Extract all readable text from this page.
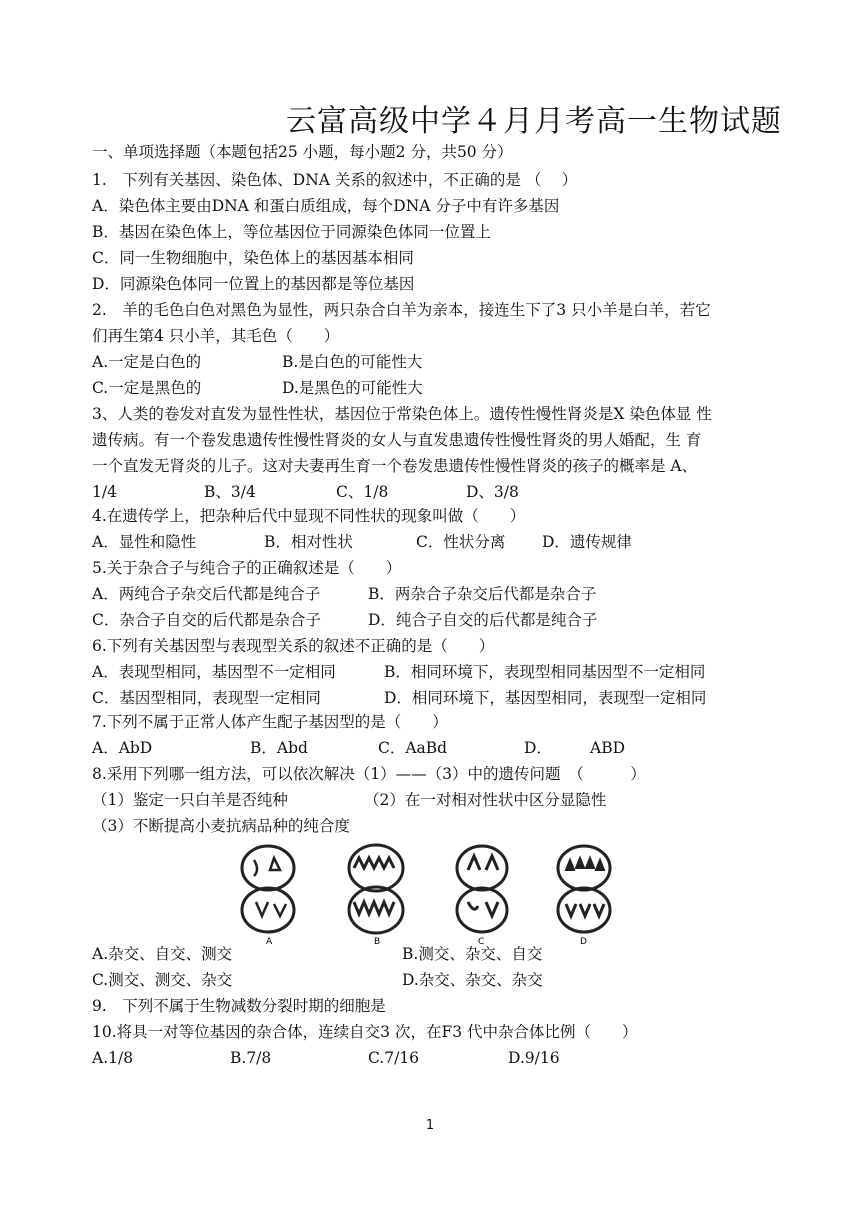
云富高级中学４月月考高一生物试题
一、单项选择题（本题包括25 小题，每小题2 分，共50 分）
1.　下列有关基因、染色体、DNA 关系的叙述中，不正确的是 （　 ）
A．染色体主要由DNA 和蛋白质组成，每个DNA 分子中有许多基因
B．基因在染色体上，等位基因位于同源染色体同一位置上
C．同一生物细胞中，染色体上的基因基本相同
D．同源染色体同一位置上的基因都是等位基因
2.　羊的毛色白色对黑色为显性，两只杂合白羊为亲本，接连生下了3 只小羊是白羊，若它
们再生第4 只小羊，其毛色（　　）
A.一定是白色的	B.是白色的可能性大
C.一定是黑色的	D.是黑色的可能性大
3、人类的卷发对直发为显性性状，基因位于常染色体上。遗传性慢性肾炎是X 染色体显 性
遗传病。有一个卷发患遗传性慢性肾炎的女人与直发患遗传性慢性肾炎的男人婚配，生 育
一个直发无肾炎的儿子。这对夫妻再生育一个卷发患遗传性慢性肾炎的孩子的概率是 A、
1/4	B、3/4	C、1/8	D、3/8
4.在遗传学上，把杂种后代中显现不同性状的现象叫做（　　）
A．显性和隐性	B．相对性状	C．性状分离 D．遗传规律
5.关于杂合子与纯合子的正确叙述是（　　）
A．两纯合子杂交后代都是纯合子	B．两杂合子杂交后代都是杂合子
C．杂合子自交的后代都是杂合子	D．纯合子自交的后代都是纯合子
6.下列有关基因型与表现型关系的叙述不正确的是（　　）
A．表现型相同，基因型不一定相同	B．相同环境下，表现型相同基因型不一定相同
C．基因型相同，表现型一定相同	D．相同环境下，基因型相同，表现型一定相同
7.下列不属于正常人体产生配子基因型的是（　　）
A．AbD	B．Abd	C．AaBd	D． ABD
8.采用下列哪一组方法，可以依次解决（1）——（3）中的遗传问题　（　　　）
（1）鉴定一只白羊是否纯种	（2）在一对相对性状中区分显隐性
（3）不断提高小麦抗病品种的纯合度
A	B	C	D
A.杂交、自交、测交	B.测交、杂交、自交
C.测交、测交、杂交	D.杂交、杂交、杂交
9.　下列不属于生物减数分裂时期的细胞是
10.将具一对等位基因的杂合体，连续自交3 次，在F3 代中杂合体比例（　　）
A.1/8	B.7/8	C.7/16	D.9/16
1
